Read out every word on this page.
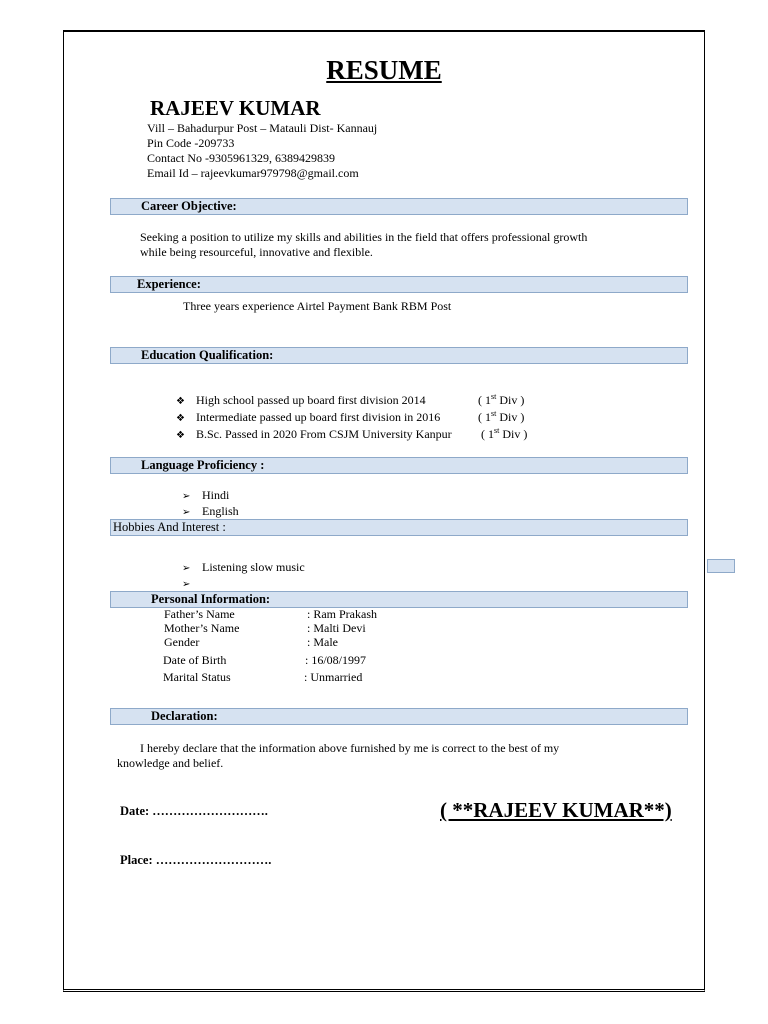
RESUME
RAJEEV KUMAR
Vill – Bahadurpur Post – Matauli Dist- Kannauj
Pin Code -209733
Contact No -9305961329, 6389429839
Email Id – rajeevkumar979798@gmail.com
Career Objective:
Seeking a position to utilize my skills and abilities in the field that offers professional growth
while being resourceful, innovative and flexible.
Experience:
Three years experience Airtel Payment Bank RBM Post
Education Qualification:
❖ High school passed up board first division 2014	( 1st Div )
❖ Intermediate passed up board first division in 2016	( 1st Div )
❖ B.Sc. Passed in 2020 From CSJM University Kanpur ( 1st Div )
Language Proficiency :
➢ Hindi
➢ English
Hobbies And Interest :
➢ Listening slow music
➢
Personal Information:
Father’s Name	: Ram Prakash
Mother’s Name	: Malti Devi
Gender	: Male
Date of Birth	: 16/08/1997
Marital Status	: Unmarried
Declaration:
I hereby declare that the information above furnished by me is correct to the best of my
knowledge and belief.
Date: ……………………….	( **RAJEEV KUMAR**)
Place: ……………………….
